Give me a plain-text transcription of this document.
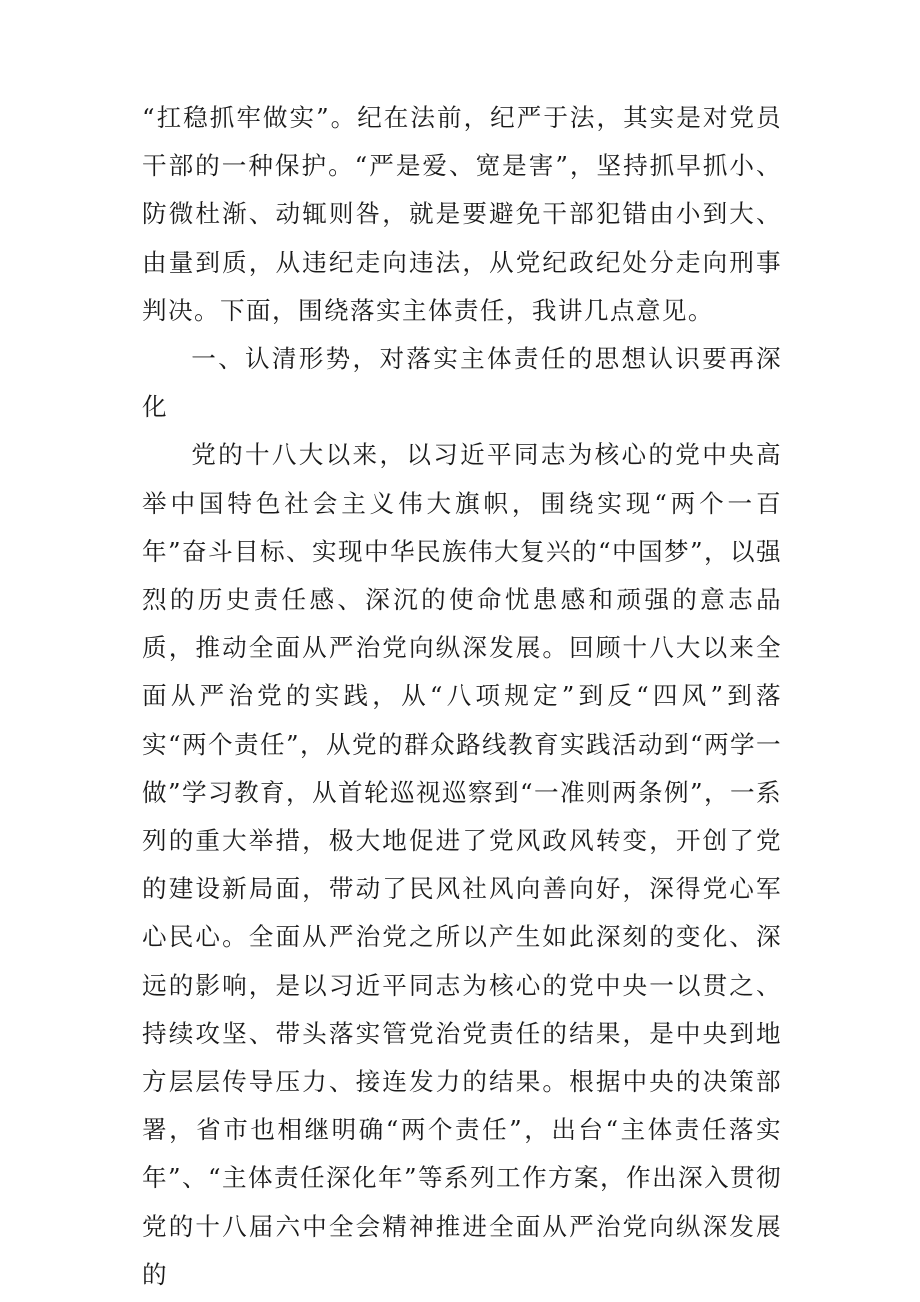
“扛稳抓牢做实”。纪在法前，纪严于法，其实是对党员干部的一种保护。“严是爱、宽是害”，坚持抓早抓小、防微杜渐、动辄则咎，就是要避免干部犯错由小到大、由量到质，从违纪走向违法，从党纪政纪处分走向刑事判决。下面，围绕落实主体责任，我讲几点意见。

一、认清形势，对落实主体责任的思想认识要再深化

党的十八大以来，以习近平同志为核心的党中央高举中国特色社会主义伟大旗帜，围绕实现“两个一百年”奋斗目标、实现中华民族伟大复兴的“中国梦”，以强烈的历史责任感、深沉的使命忧患感和顽强的意志品质，推动全面从严治党向纵深发展。回顾十八大以来全面从严治党的实践，从“八项规定”到反“四风”到落实“两个责任”，从党的群众路线教育实践活动到“两学一做”学习教育，从首轮巡视巡察到“一准则两条例”，一系列的重大举措，极大地促进了党风政风转变，开创了党的建设新局面，带动了民风社风向善向好，深得党心军心民心。全面从严治党之所以产生如此深刻的变化、深远的影响，是以习近平同志为核心的党中央一以贯之、持续攻坚、带头落实管党治党责任的结果，是中央到地方层层传导压力、接连发力的结果。根据中央的决策部署，省市也相继明确“两个责任”，出台“主体责任落实年”、“主体责任深化年”等系列工作方案，作出深入贯彻党的十八届六中全会精神推进全面从严治党向纵深发展的
